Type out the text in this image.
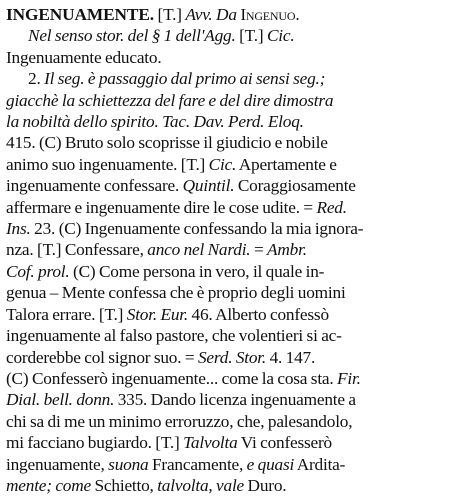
INGENUAMENTE. [T.] Avv. Da Ingenuo.
Nel senso stor. del § 1 dell'Agg. [T.] Cic.
Ingenuamente educato.
2. Il seg. è passaggio dal primo ai sensi seg.;
giacchè la schiettezza del fare e del dire dimostra
la nobiltà dello spirito. Tac. Dav. Perd. Eloq.
415. (C) Bruto solo scoprisse il giudicio e nobile
animo suo ingenuamente. [T.] Cic. Apertamente e
ingenuamente confessare. Quintil. Coraggiosamente
affermare e ingenuamente dire le cose udite. = Red.
Ins. 23. (C) Ingenuamente confessando la mia ignora-
nza. [T.] Confessare, anco nel Nardi. = Ambr.
Cof. prol. (C) Come persona in vero, il quale in-
genua – Mente confessa che è proprio degli uomini
Talora errare. [T.] Stor. Eur. 46. Alberto confessò
ingenuamente al falso pastore, che volentieri si ac-
corderebbe col signor suo. = Serd. Stor. 4. 147.
(C) Confesserò ingenuamente... come la cosa sta. Fir.
Dial. bell. donn. 335. Dando licenza ingenuamente a
chi sa di me un minimo erroruzzo, che, palesandolo,
mi facciano bugiardo. [T.] Talvolta Vi confesserò
ingenuamente, suona Francamente, e quasi Ardita-
mente; come Schietto, talvolta, vale Duro.
